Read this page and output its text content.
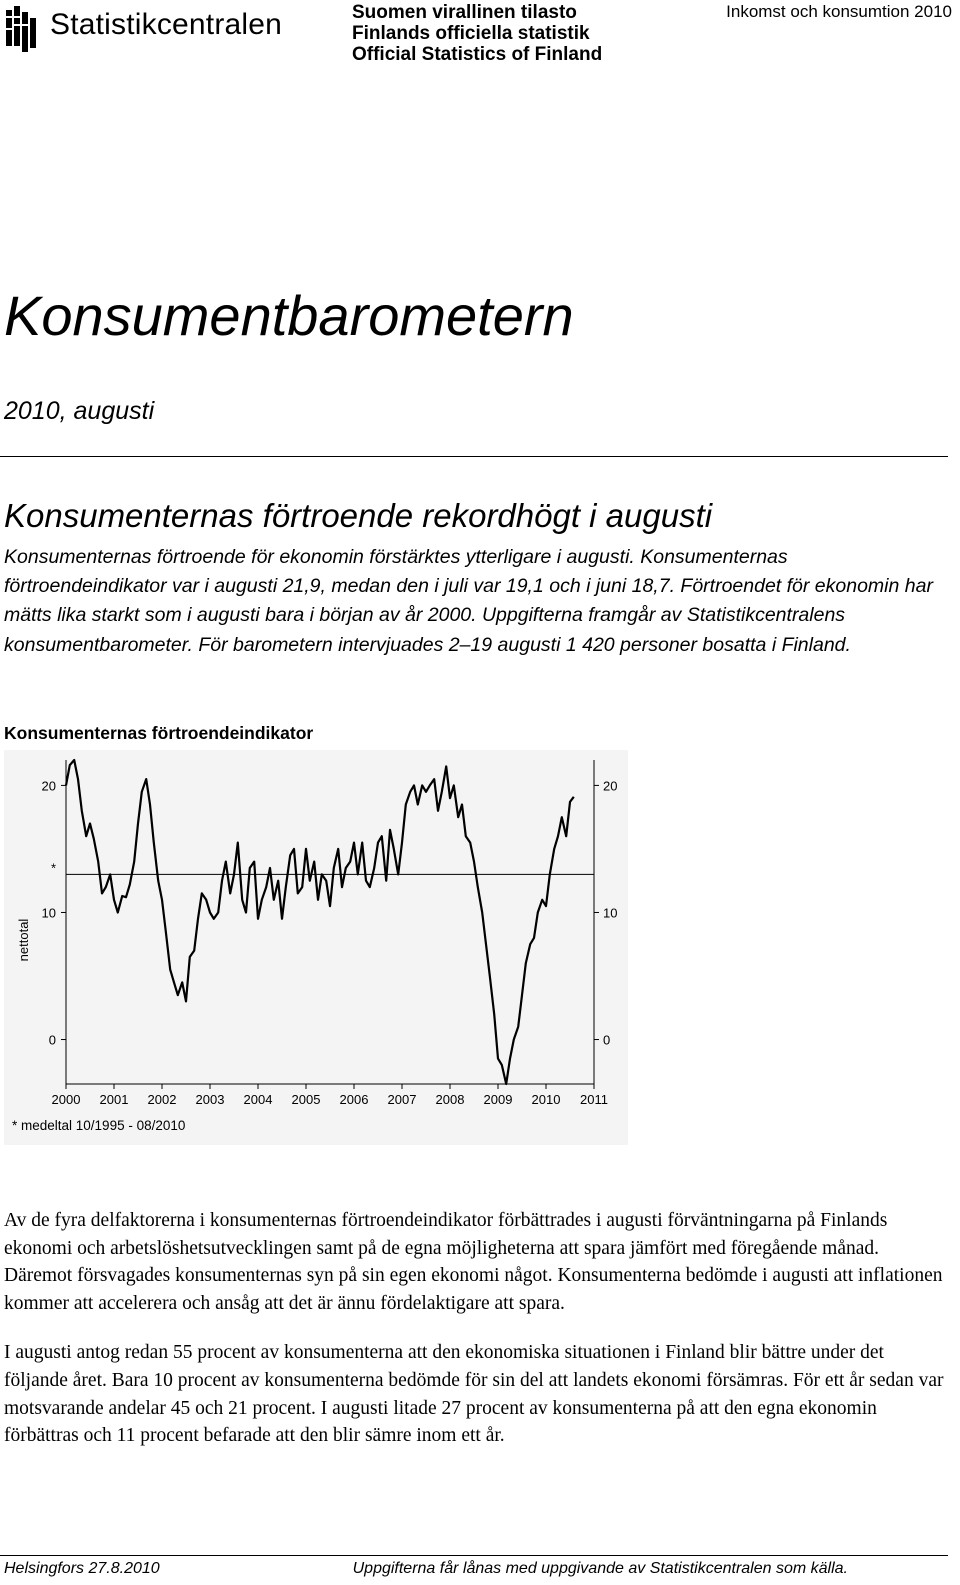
Statistikcentralen	Suomen virallinen tilasto
Finlands officiella statistik
Official Statistics of Finland
Inkomst och konsumtion 2010
Konsumentbarometern
2010, augusti
Konsumenternas förtroende rekordhögt i augusti
Konsumenternas förtroende för ekonomin förstärktes ytterligare i augusti. Konsumenternas förtroendeindikator var i augusti 21,9, medan den i juli var 19,1 och i juni 18,7. Förtroendet för ekonomin har mätts lika starkt som i augusti bara i början av år 2000. Uppgifterna framgår av Statistikcentralens konsumentbarometer. För barometern intervjuades 2–19 augusti 1 420 personer bosatta i Finland.
Konsumenternas förtroendeindikator
20	20
10	10
0	0
nettotal
2000 2001 2002 2003 2004 2005 2006 2007 2008 2009 2010 2011
*
* medeltal 10/1995 - 08/2010

Av de fyra delfaktorerna i konsumenternas förtroendeindikator förbättrades i augusti förväntningarna på Finlands ekonomi och arbetslöshetsutvecklingen samt på de egna möjligheterna att spara jämfört med föregående månad. Däremot försvagades konsumenternas syn på sin egen ekonomi något. Konsumenterna bedömde i augusti att inflationen kommer att accelerera och ansåg att det är ännu fördelaktigare att spara.

I augusti antog redan 55 procent av konsumenterna att den ekonomiska situationen i Finland blir bättre under det följande året. Bara 10 procent av konsumenterna bedömde för sin del att landets ekonomi försämras. För ett år sedan var motsvarande andelar 45 och 21 procent. I augusti litade 27 procent av konsumenterna på att den egna ekonomin förbättras och 11 procent befarade att den blir sämre inom ett år.

Helsingfors 27.8.2010	Uppgifterna får lånas med uppgivande av Statistikcentralen som källa.
